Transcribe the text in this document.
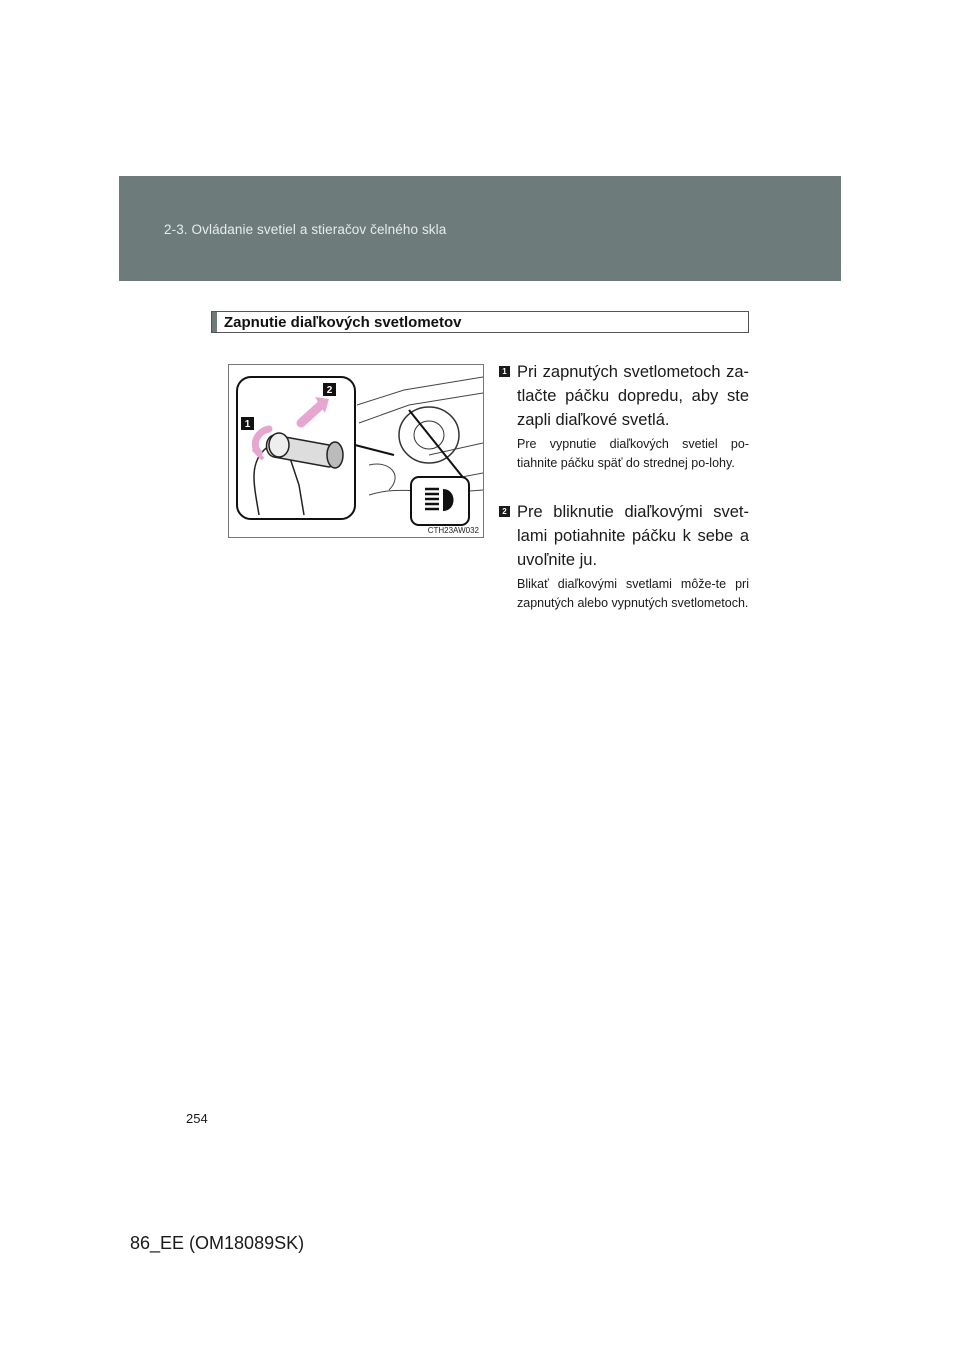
2-3. Ovládanie svetiel a stieračov čelného skla
Zapnutie diaľkových svetlometov
1
2
CTH23AW032
1 Pri zapnutých svetlometoch za-tlačte páčku dopredu, aby ste zapli diaľkové svetlá.
Pre vypnutie diaľkových svetiel po-tiahnite páčku späť do strednej po-lohy.
2 Pre bliknutie diaľkovými svet-lami potiahnite páčku k sebe a uvoľnite ju.
Blikať diaľkovými svetlami môže-te pri zapnutých alebo vypnutých svetlometoch.
254
86_EE (OM18089SK)
